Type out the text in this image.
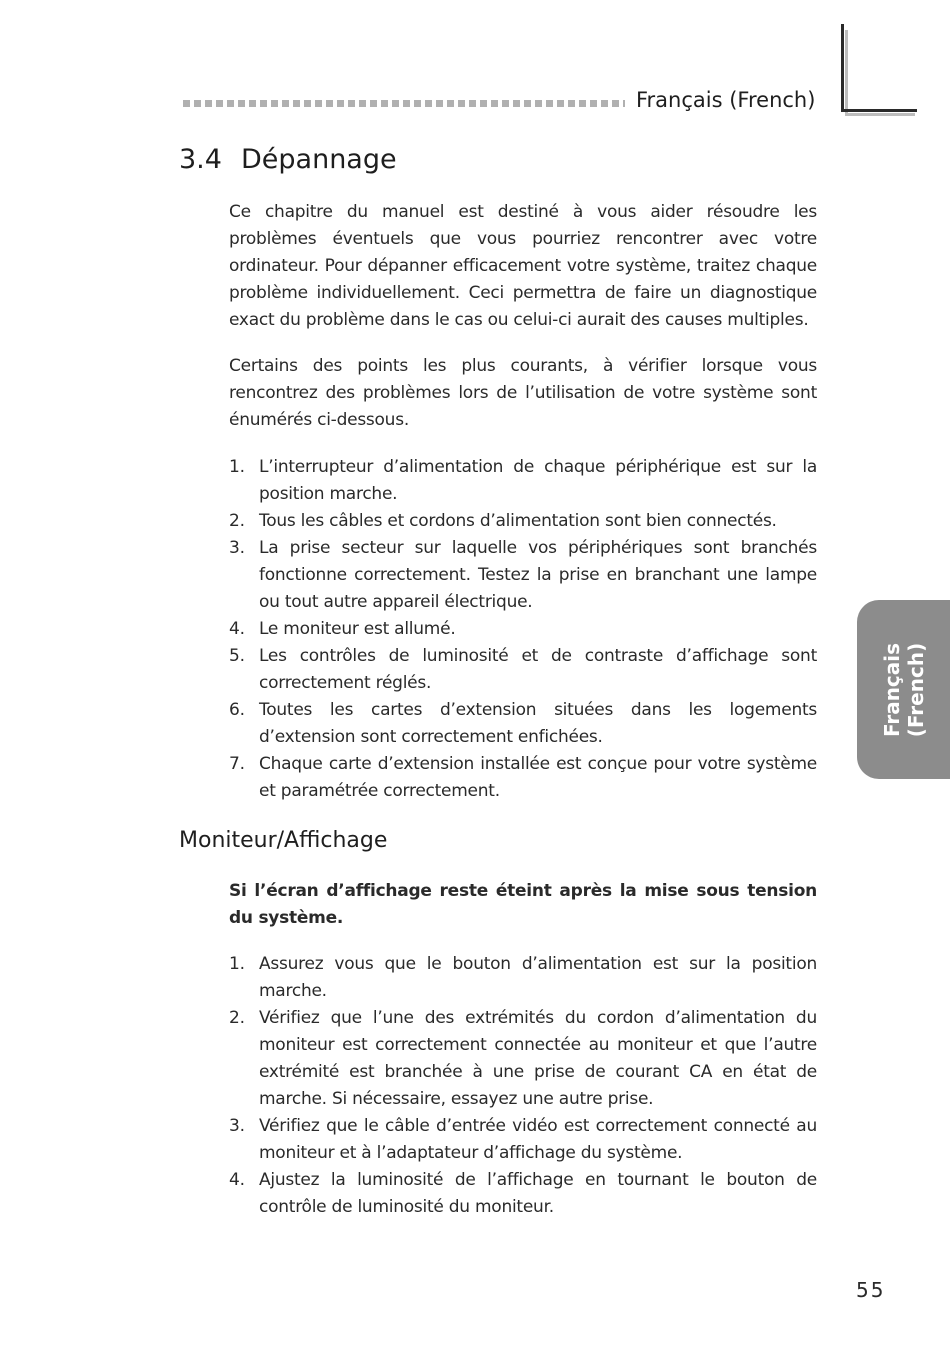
Français (French)
3.4 Dépannage

Ce chapitre du manuel est destiné à vous aider résoudre les problèmes éventuels que vous pourriez rencontrer avec votre ordinateur. Pour dépanner efficacement votre système, traitez chaque problème individuellement. Ceci permettra de faire un diagnostique exact du problème dans le cas ou celui-ci aurait des causes multiples.

Certains des points les plus courants, à vérifier lorsque vous rencontrez des problèmes lors de l’utilisation de votre système sont énumérés ci-dessous.

1. L’interrupteur d’alimentation de chaque périphérique est sur la position marche.
2. Tous les câbles et cordons d’alimentation sont bien connectés.
3. La prise secteur sur laquelle vos périphériques sont branchés fonctionne correctement. Testez la prise en branchant une lampe ou tout autre appareil électrique.
4. Le moniteur est allumé.
5. Les contrôles de luminosité et de contraste d’affichage sont correctement réglés.
6. Toutes les cartes d’extension situées dans les logements d’extension sont correctement enfichées.
7. Chaque carte d’extension installée est conçue pour votre système et paramétrée correctement.
Moniteur/Affichage

Si l’écran d’affichage reste éteint après la mise sous tension du système.

1. Assurez vous que le bouton d’alimentation est sur la position marche.
2. Vérifiez que l’une des extrémités du cordon d’alimentation du moniteur est correctement connectée au moniteur et que l’autre extrémité est branchée à une prise de courant CA en état de marche. Si nécessaire, essayez une autre prise.
3. Vérifiez que le câble d’entrée vidéo est correctement connecté au moniteur et à l’adaptateur d’affichage du système.
4. Ajustez la luminosité de l’affichage en tournant le bouton de contrôle de luminosité du moniteur.
Français (French)
55
